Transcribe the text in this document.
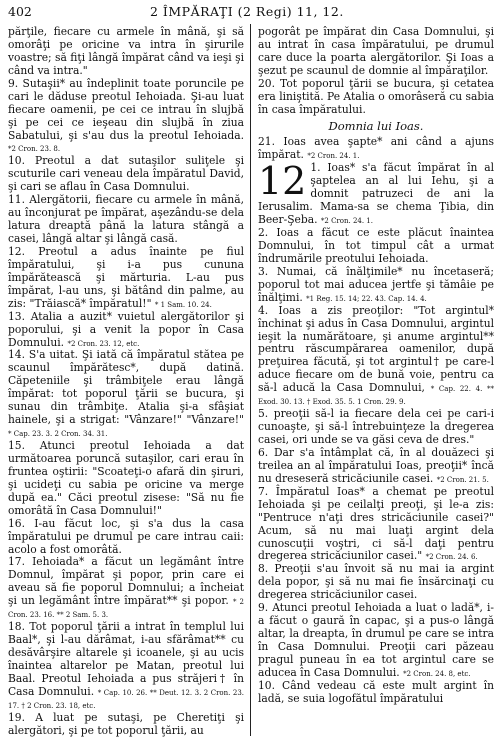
402	2 ÎMPĂRAŢI (2 Regi) 11, 12.

părţile, fiecare cu armele în mână, şi să omorâţi pe oricine va intra în şirurile voastre; să fiţi lângă împărat când va ieşi şi când va intra."

9. Sutaşii* au îndeplinit toate poruncile pe cari le dăduse preotul Iehoiada. Şi-au luat fiecare oamenii, pe cei ce intrau în slujbă şi pe cei ce ieşeau din slujbă în ziua Sabatului, şi s'au dus la preotul Iehoiada. *2 Cron. 23. 8.

10. Preotul a dat sutaşilor suliţele şi scuturile cari veneau dela împăratul David, şi cari se aflau în Casa Domnului.

11. Alergătorii, fiecare cu armele în mână, au înconjurat pe împărat, aşezându-se dela latura dreaptă până la latura stângă a casei, lângă altar şi lângă casă.

12. Preotul a adus înainte pe fiul împăratului, şi i-a pus cununa împărătească şi mărturia. L-au pus împărat, l-au uns, şi bătând din palme, au zis: "Trăiască* împăratul!" * 1 Sam. 10. 24.

13. Atalia a auzit* vuietul alergătorilor şi poporului, şi a venit la popor în Casa Domnului. *2 Cron. 23. 12, etc.

14. S'a uitat. Şi iată că împăratul stătea pe scaunul împărătesc*, după datină. Căpeteniile şi trâmbiţele erau lângă împărat: tot poporul ţării se bucura, şi sunau din trâmbiţe. Atalia şi-a sfâşiat hainele, şi a strigat: "Vânzare!" "Vânzare!" * Cap. 23. 3. 2 Cron. 34. 31.

15. Atunci preotul Iehoiada a dat următoarea poruncă sutaşilor, cari erau în fruntea oştirii: "Scoateţi-o afară din şiruri, şi ucideţi cu sabia pe oricine va merge după ea." Căci preotul zisese: "Să nu fie omorâtă în Casa Domnului!"

16. I-au făcut loc, şi s'a dus la casa împăratului pe drumul pe care intrau caii: acolo a fost omorâtă.

17. Iehoiada* a făcut un legământ între Domnul, împărat şi popor, prin care ei aveau să fie poporul Domnului; a încheiat şi un legământ între împărat** şi popor. * 2 Cron. 23. 16. ** 2 Sam. 5. 3.

18. Tot poporul ţării a intrat în templul lui Baal*, şi l-au dărâmat, i-au sfărâmat** cu desăvârşire altarele şi icoanele, şi au ucis înaintea altarelor pe Matan, preotul lui Baal. Preotul Iehoiada a pus străjeri† în Casa Domnului. * Cap. 10. 26. ** Deut. 12. 3. 2 Cron. 23. 17. † 2 Cron. 23. 18, etc.

19. A luat pe sutaşi, pe Cheretiţi şi alergători, şi pe tot poporul ţării, au

pogorât pe împărat din Casa Domnului, şi au intrat în casa împăratului, pe drumul care duce la poarta alergătorilor. Şi Ioas a şezut pe scaunul de domnie al împăraţilor.

20. Tot poporul ţării se bucura, şi cetatea era liniştită. Pe Atalia o omorâseră cu sabia în casa împăratului.

Domnia lui Ioas.

21. Ioas avea şapte* ani când a ajuns împărat. *2 Cron. 24. 1.

12 1. Ioas* s'a făcut împărat în al şaptelea an al lui Iehu, şi a domnit patruzeci de ani la Ierusalim. Mama-sa se chema Ţibia, din Beer-Şeba. *2 Cron. 24. 1.

2. Ioas a făcut ce este plăcut înaintea Domnului, în tot timpul cât a urmat îndrumările preotului Iehoiada.

3. Numai, că înălţimile* nu încetaseră; poporul tot mai aducea jertfe şi tămâie pe înălţimi. *1 Reg. 15. 14; 22. 43. Cap. 14. 4.

4. Ioas a zis preoţilor: "Tot argintul* închinat şi adus în Casa Domnului, argintul ieşit la numărătoare, şi anume argintul** pentru răscumpărarea oamenilor, după preţuirea făcută, şi tot argintul† pe care-l aduce fiecare om de bună voie, pentru ca să-l aducă la Casa Domnului, * Cap. 22. 4. ** Exod. 30. 13. † Exod. 35. 5. 1 Cron. 29. 9.

5. preoţii să-l ia fiecare dela cei pe cari-i cunoaşte, şi să-l întrebuinţeze la dregerea casei, ori unde se va găsi ceva de dres."

6. Dar s'a întâmplat că, în al douăzeci şi treilea an al împăratului Ioas, preoţii* încă nu dreseseră stricăciunile casei. *2 Cron. 21. 5.

7. Împăratul Ioas* a chemat pe preotul Iehoiada şi pe ceilalţi preoţi, şi le-a zis: "Pentruce n'aţi dres stricăciunile casei?" Acum, să nu mai luaţi argint dela cunoscuţii voştri, ci să-l daţi pentru dregerea stricăciunilor casei." *2 Cron. 24. 6.

8. Preoţii s'au învoit să nu mai ia argint dela popor, şi să nu mai fie însărcinaţi cu dregerea stricăciunilor casei.

9. Atunci preotul Iehoiada a luat o ladă*, i-a făcut o gaură în capac, şi a pus-o lângă altar, la dreapta, în drumul pe care se intra în Casa Domnului. Preoţii cari păzeau pragul puneau în ea tot argintul care se aducea în Casa Domnului. *2 Cron. 24. 8, etc.

10. Când vedeau că este mult argint în ladă, se suia logofătul împăratului
